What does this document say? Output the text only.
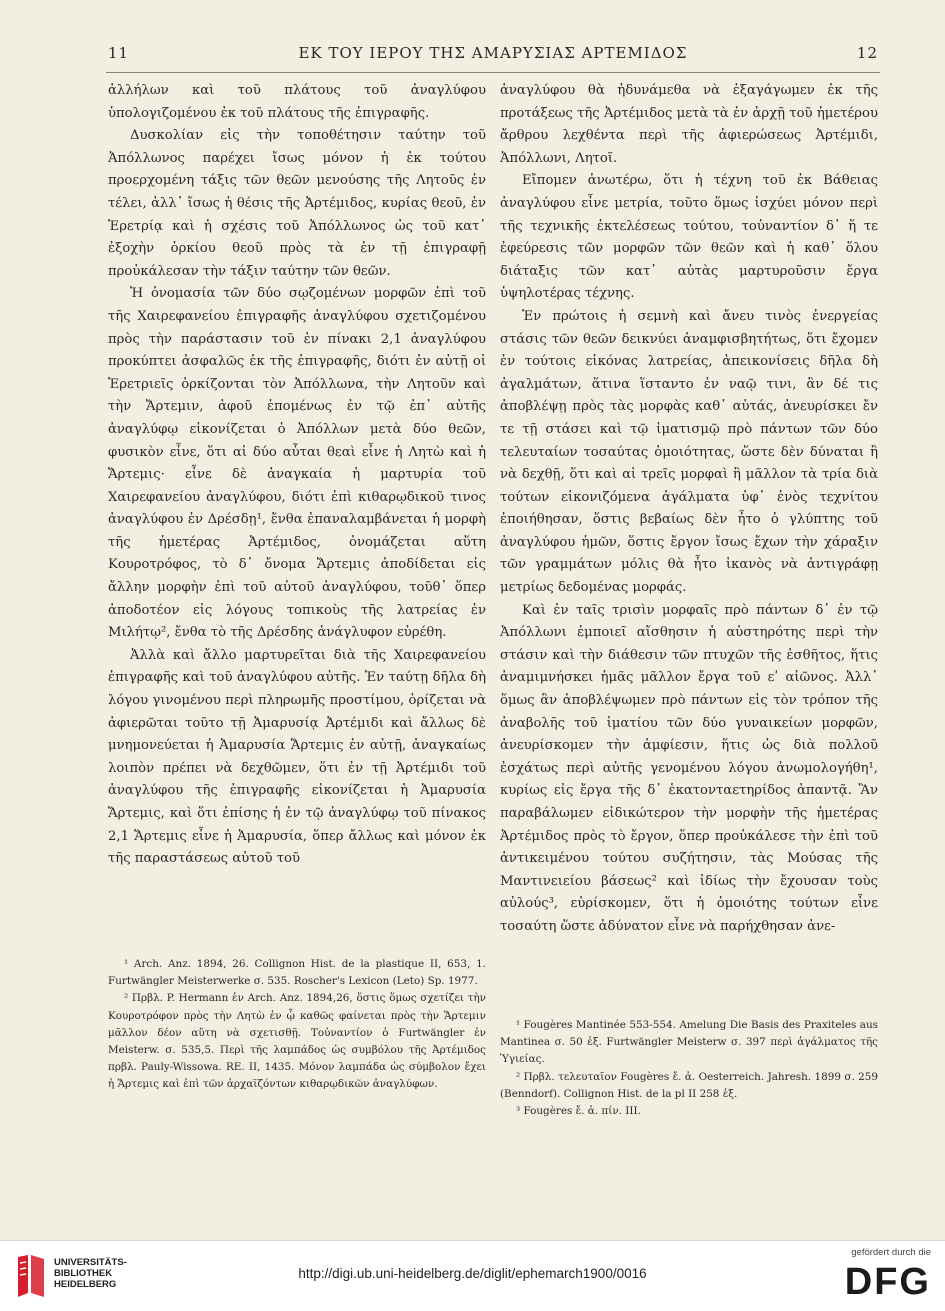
ΕΚ ΤΟΥ ΙΕΡΟΥ ΤΗΣ ΑΜΑΡΥΣΙΑΣ ΑΡΤΕΜΙΔΟΣ
11	12

ἀλλήλων καὶ τοῦ πλάτους τοῦ ἀναγλύφου ὑπολογιζομένου ἐκ τοῦ πλάτους τῆς ἐπιγραφῆς.

Δυσκολίαν εἰς τὴν τοποθέτησιν ταύτην τοῦ Ἀπόλλωνος παρέχει ἴσως μόνον ἡ ἐκ τούτου προερχομένη τάξις τῶν θεῶν μενούσης τῆς Λητοῦς ἐν τέλει, ἀλλ᾽ ἴσως ἡ θέσις τῆς Ἀρτέμιδος, κυρίας θεοῦ, ἐν Ἐρετρίᾳ καὶ ἡ σχέσις τοῦ Ἀπόλλωνος ὡς τοῦ κατ᾽ ἐξοχὴν ὁρκίου θεοῦ πρὸς τὰ ἐν τῇ ἐπιγραφῇ προὐκάλεσαν τὴν τάξιν ταύτην τῶν θεῶν.

Ἡ ὀνομασία τῶν δύο σῳζομένων μορφῶν ἐπὶ τοῦ τῆς Χαιρεφανείου ἐπιγραφῆς ἀναγλύφου σχετιζομένου πρὸς τὴν παράστασιν τοῦ ἐν πίνακι 2,1 ἀναγλύφου προκύπτει ἀσφαλῶς ἐκ τῆς ἐπιγραφῆς, διότι ἐν αὐτῇ οἱ Ἐρετριεῖς ὁρκίζονται τὸν Ἀπόλλωνα, τὴν Λητοῦν καὶ τὴν Ἄρτεμιν, ἀφοῦ ἑπομένως ἐν τῷ ἐπ᾽ αὐτῆς ἀναγλύφῳ εἰκονίζεται ὁ Ἀπόλλων μετὰ δύο θεῶν, φυσικὸν εἶνε, ὅτι αἱ δύο αὗται θεαὶ εἶνε ἡ Λητὼ καὶ ἡ Ἄρτεμις· εἶνε δὲ ἀναγκαία ἡ μαρτυρία τοῦ Χαιρεφανείου ἀναγλύφου, διότι ἐπὶ κιθαρῳδικοῦ τινος ἀναγλύφου ἐν Δρέσδῃ¹, ἔνθα ἐπαναλαμβάνεται ἡ μορφὴ τῆς ἡμετέρας Ἀρτέμιδος, ὀνομάζεται αὕτη Κουροτρόφος, τὸ δ᾽ ὄνομα Ἄρτεμις ἀποδίδεται εἰς ἄλλην μορφὴν ἐπὶ τοῦ αὐτοῦ ἀναγλύφου, τοῦθ᾽ ὅπερ ἀποδοτέον εἰς λόγους τοπικοὺς τῆς λατρείας ἐν Μιλήτῳ², ἔνθα τὸ τῆς Δρέσδης ἀνάγλυφον εὑρέθη.

Ἀλλὰ καὶ ἄλλο μαρτυρεῖται διὰ τῆς Χαιρεφανείου ἐπιγραφῆς καὶ τοῦ ἀναγλύφου αὐτῆς. Ἐν ταύτῃ δῆλα δὴ λόγου γινομένου περὶ πληρωμῆς προστίμου, ὁρίζεται νὰ ἀφιερῶται τοῦτο τῇ Ἀμαρυσίᾳ Ἀρτέμιδι καὶ ἄλλως δὲ μνημονεύεται ἡ Ἀμαρυσία Ἄρτεμις ἐν αὐτῇ, ἀναγκαίως λοιπὸν πρέπει νὰ δεχθῶμεν, ὅτι ἐν τῇ Ἀρτέμιδι τοῦ ἀναγλύφου τῆς ἐπιγραφῆς εἰκονίζεται ἡ Ἀμαρυσία Ἄρτεμις, καὶ ὅτι ἐπίσης ἡ ἐν τῷ ἀναγλύφῳ τοῦ πίνακος 2,1 Ἄρτεμις εἶνε ἡ Ἀμαρυσία, ὅπερ ἄλλως καὶ μόνον ἐκ τῆς παραστάσεως αὐτοῦ τοῦ

¹ Arch. Anz. 1894, 26. Collignon Hist. de la plastique II, 653, 1. Furtwängler Meisterwerke σ. 535. Roscher's Lexicon (Leto) Sp. 1977.

² Πρβλ. P. Hermann ἐν Arch. Anz. 1894,26, ὅστις ὅμως σχετίζει τὴν Κουροτρόφον πρὸς τὴν Λητὼ ἐν ᾧ καθῶς φαίνεται πρὸς τὴν Ἄρτεμιν μᾶλλον δέον αὕτη νὰ σχετισθῇ. Τοὐναντίον ὁ Furtwängler ἐν Meisterw. σ. 535,5. Περὶ τῆς λαμπάδος ὡς συμβόλου τῆς Ἀρτέμιδος πρβλ. Pauly-Wissowa. RE. II, 1435. Μόνον λαμπάδα ὡς σύμβολον ἔχει ἡ Ἄρτεμις καὶ ἐπὶ τῶν ἀρχαϊζόντων κιθαρῳδικῶν ἀναγλύφων.

ἀναγλύφου θὰ ἠδυνάμεθα νὰ ἐξαγάγωμεν ἐκ τῆς προτάξεως τῆς Ἀρτέμιδος μετὰ τὰ ἐν ἀρχῇ τοῦ ἡμετέρου ἄρθρου λεχθέντα περὶ τῆς ἀφιερώσεως Ἀρτέμιδι, Ἀπόλλωνι, Λητοῖ.

Εἴπομεν ἀνωτέρω, ὅτι ἡ τέχνη τοῦ ἐκ Βάθειας ἀναγλύφου εἶνε μετρία, τοῦτο ὅμως ἰσχύει μόνον περὶ τῆς τεχνικῆς ἐκτελέσεως τούτου, τοὐναντίον δ᾽ ἥ τε ἐφεύρεσις τῶν μορφῶν τῶν θεῶν καὶ ἡ καθ᾽ ὅλου διάταξις τῶν κατ᾽ αὐτὰς μαρτυροῦσιν ἔργα ὑψηλοτέρας τέχνης.

Ἐν πρώτοις ἡ σεμνὴ καὶ ἄνευ τινὸς ἐνεργείας στάσις τῶν θεῶν δεικνύει ἀναμφισβητήτως, ὅτι ἔχομεν ἐν τούτοις εἰκόνας λατρείας, ἀπεικονίσεις δῆλα δὴ ἀγαλμάτων, ἅτινα ἵσταντο ἐν ναῷ τινι, ἂν δέ τις ἀποβλέψῃ πρὸς τὰς μορφὰς καθ᾽ αὑτάς, ἀνευρίσκει ἔν τε τῇ στάσει καὶ τῷ ἱματισμῷ πρὸ πάντων τῶν δύο τελευταίων τοσαύτας ὁμοιότητας, ὥστε δὲν δύναται ἢ νὰ δεχθῇ, ὅτι καὶ αἱ τρεῖς μορφαὶ ἢ μᾶλλον τὰ τρία διὰ τούτων εἰκονιζόμενα ἀγάλματα ὑφ᾽ ἑνὸς τεχνίτου ἐποιήθησαν, ὅστις βεβαίως δὲν ἦτο ὁ γλύπτης τοῦ ἀναγλύφου ἡμῶν, ὅστις ἔργον ἴσως ἔχων τὴν χάραξιν τῶν γραμμάτων μόλις θὰ ἦτο ἱκανὸς νὰ ἀντιγράφῃ μετρίως δεδομένας μορφάς.

Καὶ ἐν ταῖς τρισὶν μορφαῖς πρὸ πάντων δ᾽ ἐν τῷ Ἀπόλλωνι ἐμποιεῖ αἴσθησιν ἡ αὐστηρότης περὶ τὴν στάσιν καὶ τὴν διάθεσιν τῶν πτυχῶν τῆς ἐσθῆτος, ἥτις ἀναμιμνήσκει ἡμᾶς μᾶλλον ἔργα τοῦ εʹ αἰῶνος. Ἀλλ᾽ ὅμως ἂν ἀποβλέψωμεν πρὸ πάντων εἰς τὸν τρόπον τῆς ἀναβολῆς τοῦ ἱματίου τῶν δύο γυναικείων μορφῶν, ἀνευρίσκομεν τὴν ἀμφίεσιν, ἥτις ὡς διὰ πολλοῦ ἐσχάτως περὶ αὐτῆς γενομένου λόγου ἀνωμολογήθη¹, κυρίως εἰς ἔργα τῆς δ᾽ ἑκατονταετηρίδος ἀπαντᾷ. Ἂν παραβάλωμεν εἰδικώτερον τὴν μορφὴν τῆς ἡμετέρας Ἀρτέμιδος πρὸς τὸ ἔργον, ὅπερ προὐκάλεσε τὴν ἐπὶ τοῦ ἀντικειμένου τούτου συζήτησιν, τὰς Μούσας τῆς Μαντινειείου βάσεως² καὶ ἰδίως τὴν ἔχουσαν τοὺς αὐλούς³, εὑρίσκομεν, ὅτι ἡ ὁμοιότης τούτων εἶνε τοσαύτη ὥστε ἀδύνατον εἶνε νὰ παρήχθησαν ἀνε-

¹ Fougères Mantinée 553-554. Amelung Die Basis des Praxiteles aus Mantinea σ. 50 ἑξ. Furtwängler Meisterw σ. 397 περὶ ἀγάλματος τῆς Ὑγιείας.

² Πρβλ. τελευταῖον Fougères ἔ. ἀ. Oesterreich. Jahresh. 1899 σ. 259 (Benndorf). Collignon Hist. de la pl II 258 ἑξ.

³ Fougères ἔ. ἀ. πίν. III.

UNIVERSITÄTS-
BIBLIOTHEK
HEIDELBERG
http://digi.ub.uni-heidelberg.de/diglit/ephemarch1900/0016
gefördert durch die
DFG
